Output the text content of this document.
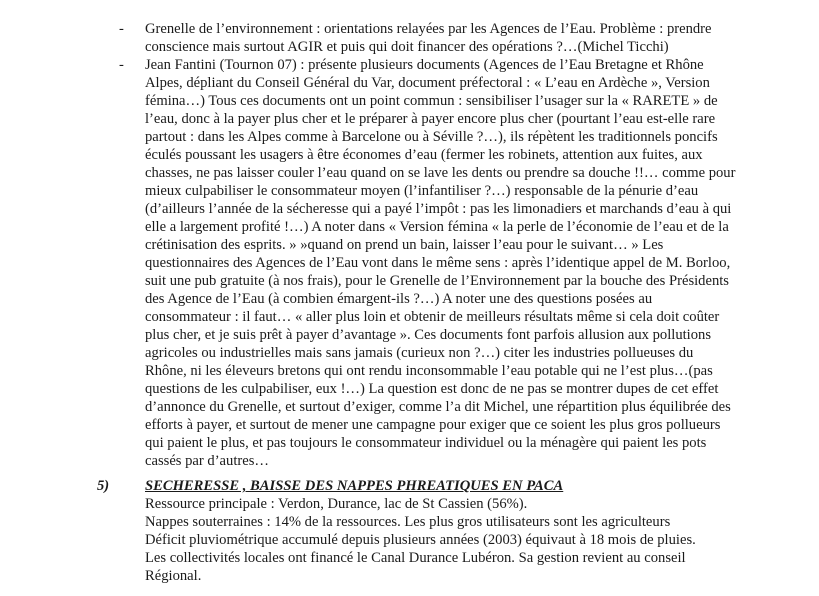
- Grenelle de l’environnement : orientations relayées par les Agences de l’Eau. Problème : prendre
conscience mais surtout AGIR et puis qui doit financer des opérations ?…(Michel Ticchi)
- Jean Fantini (Tournon 07) : présente plusieurs documents (Agences de l’Eau Bretagne et Rhône
Alpes, dépliant du Conseil Général du Var, document préfectoral : « L’eau en Ardèche », Version
fémina…) Tous ces documents ont un point commun : sensibiliser l’usager sur la « RARETE » de
l’eau, donc à la payer plus cher et le préparer à payer encore plus cher (pourtant l’eau est-elle rare
partout : dans les Alpes comme à Barcelone ou à Séville ?…), ils répètent les traditionnels poncifs
éculés poussant les usagers à être économes d’eau (fermer les robinets, attention aux fuites, aux
chasses, ne pas laisser couler l’eau quand on se lave les dents ou prendre sa douche !!… comme pour
mieux culpabiliser le consommateur moyen (l’infantiliser ?…) responsable de la pénurie d’eau
(d’ailleurs l’année de la sécheresse qui a payé l’impôt : pas les limonadiers et marchands d’eau à qui
elle a largement profité !…) A noter dans « Version fémina « la perle de l’économie de l’eau et de la
crétinisation des esprits. » »quand on prend un bain, laisser l’eau pour le suivant… » Les
questionnaires des Agences de l’Eau vont dans le même sens : après l’identique appel de M. Borloo,
suit une pub gratuite (à nos frais), pour le Grenelle de l’Environnement par la bouche des Présidents
des Agence de l’Eau (à combien émargent-ils ?…) A noter une des questions posées au
consommateur : il faut… « aller plus loin et obtenir de meilleurs résultats même si cela doit coûter
plus cher, et je suis prêt à payer d’avantage ». Ces documents font parfois allusion aux pollutions
agricoles ou industrielles mais sans jamais (curieux non ?…) citer les industries pollueuses du
Rhône, ni les éleveurs bretons qui ont rendu inconsommable l’eau potable qui ne l’est plus…(pas
questions de les culpabiliser, eux !…) La question est donc de ne pas se montrer dupes de cet effet
d’annonce du Grenelle, et surtout d’exiger, comme l’a dit Michel, une répartition plus équilibrée des
efforts à payer, et surtout de mener une campagne pour exiger que ce soient les plus gros pollueurs
qui paient le plus, et pas toujours le consommateur individuel ou la ménagère qui paient les pots
cassés par d’autres…
5) SECHERESSE , BAISSE DES NAPPES PHREATIQUES EN PACA
Ressource principale : Verdon, Durance, lac de St Cassien (56%).
Nappes souterraines : 14% de la ressources. Les plus gros utilisateurs sont les agriculteurs
Déficit pluviométrique accumulé depuis plusieurs années (2003) équivaut à 18 mois de pluies.
Les collectivités locales ont financé le Canal Durance Lubéron. Sa gestion revient au conseil
Régional.
